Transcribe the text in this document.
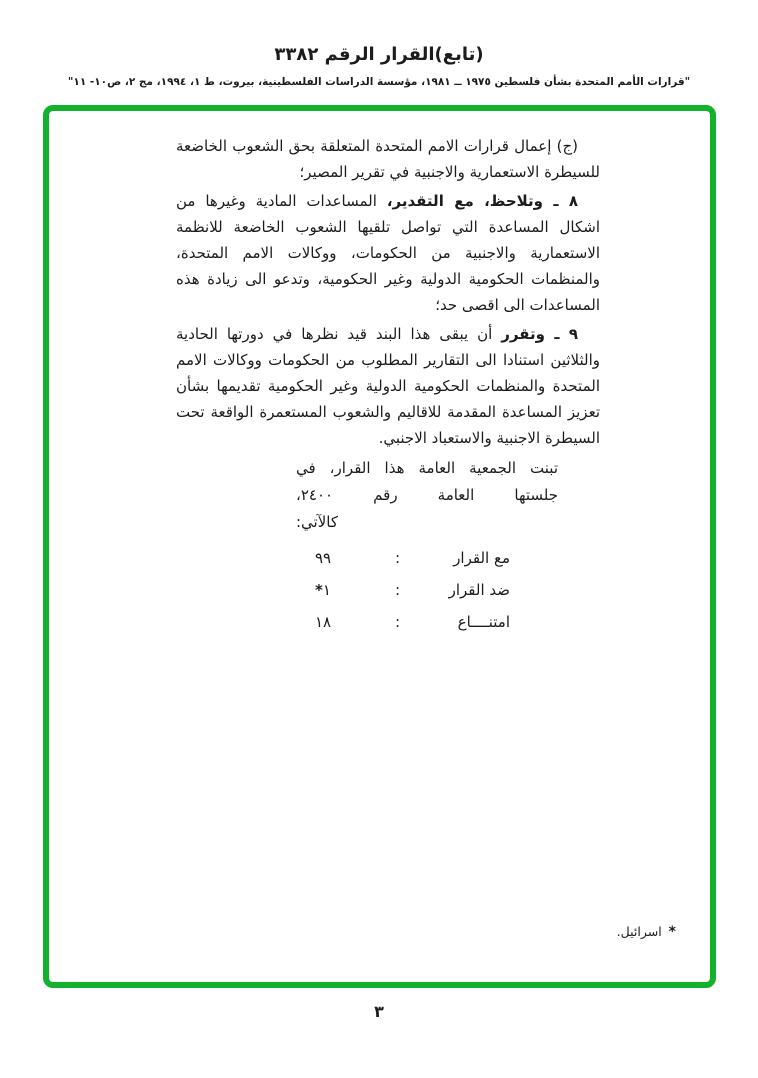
(تابع)القرار الرقم ٣٣٨٢
"قرارات الأمم المتحدة بشأن فلسطين ١٩٧٥ ــ ١٩٨١، مؤسسة الدراسات الفلسطينية، بيروت، ط ١، ١٩٩٤، مج ٢، ص١٠- ١١"

(ج) إعمال قرارات الامم المتحدة المتعلقة بحق الشعوب الخاضعة للسيطرة الاستعمارية والاجنبية في تقرير المصير؛

٨ ـ وتلاحظ، مع التقدير، المساعدات المادية وغيرها من اشكال المساعدة التي تواصل تلقيها الشعوب الخاضعة للانظمة الاستعمارية والاجنبية من الحكومات، ووكالات الامم المتحدة، والمنظمات الحكومية الدولية وغير الحكومية، وتدعو الى زيادة هذه المساعدات الى اقصى حد؛

٩ ـ وتقرر أن يبقى هذا البند قيد نظرها في دورتها الحادية والثلاثين استنادا الى التقارير المطلوب من الحكومات ووكالات الامم المتحدة والمنظمات الحكومية الدولية وغير الحكومية تقديمها بشأن تعزيز المساعدة المقدمة للاقاليم والشعوب المستعمرة الواقعة تحت السيطرة الاجنبية والاستعباد الاجنبي.

تبنت الجمعية العامة هذا القرار، في
جلستها العامة رقم ٢٤٠٠،
كالآتي:
مع القرار
:
٩٩
ضد القرار
:
١*
امتنــــاع
:
١٨
*اسرائيل.
٣
